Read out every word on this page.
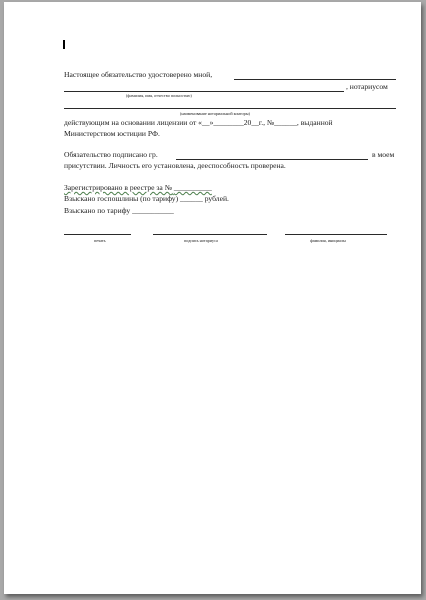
Настоящее обязательство удостоверено мной,
, нотариусом
(фамилия, имя, отчество полностью)
(наименование нотариальной конторы)
действующим на основании лицензии от «__»________20__г., №______, выданной
Министерством юстиции РФ.
Обязательство подписано гр.	в моем
присутствии. Личность его установлена, дееспособность проверена.
Зарегистрировано в реестре за № __________
Взыскано госпошлины (по тарифу) ______ рублей.
Взыскано по тарифу ___________
печать	подпись нотариуса	фамилия, инициалы
